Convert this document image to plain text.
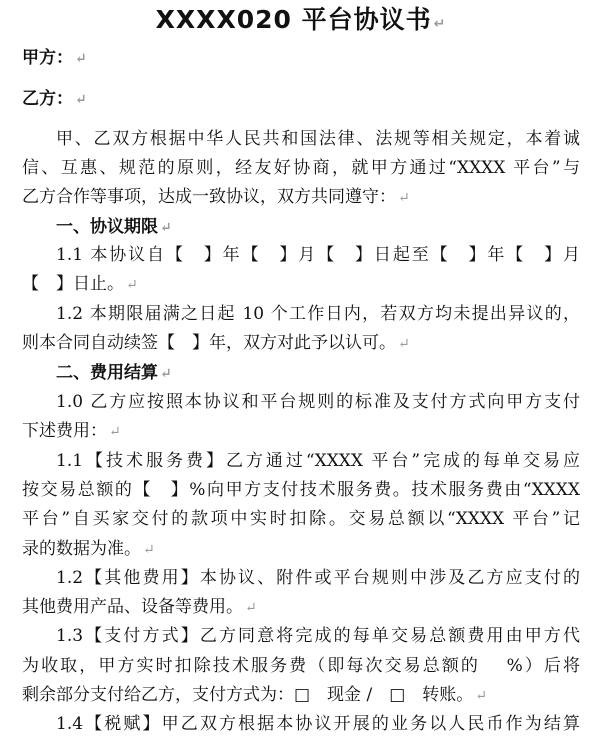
XXXX020 平台协议书 ↵
甲方： ↵
乙方： ↵
甲、乙双方根据中华人民共和国法律、法规等相关规定，本着诚
信、互惠、规范的原则，经友好协商，就甲方通过“XXXX 平台”与
乙方合作等事项，达成一致协议，双方共同遵守： ↵
一、协议期限 ↵
1.1 本协议自【　】年【　】月【　】日起至【　】年【　】月
【　】日止。 ↵
1.2 本期限届满之日起 10 个工作日内，若双方均未提出异议的，
则本合同自动续签【　】年，双方对此予以认可。 ↵
二、费用结算 ↵
1.0 乙方应按照本协议和平台规则的标准及支付方式向甲方支付
下述费用： ↵
1.1【技术服务费】乙方通过“XXXX 平台”完成的每单交易应
按交易总额的【　】%向甲方支付技术服务费。技术服务费由“XXXX
平台”自买家交付的款项中实时扣除。交易总额以“XXXX 平台”记
录的数据为准。 ↵
1.2【其他费用】本协议、附件或平台规则中涉及乙方应支付的
其他费用产品、设备等费用。 ↵
1.3【支付方式】乙方同意将完成的每单交易总额费用由甲方代
为收取，甲方实时扣除技术服务费（即每次交易总额的　 %）后将
剩余部分支付给乙方，支付方式为：□　现金 /　□　转账。 ↵
1.4【税赋】甲乙双方根据本协议开展的业务以人民币作为结算
